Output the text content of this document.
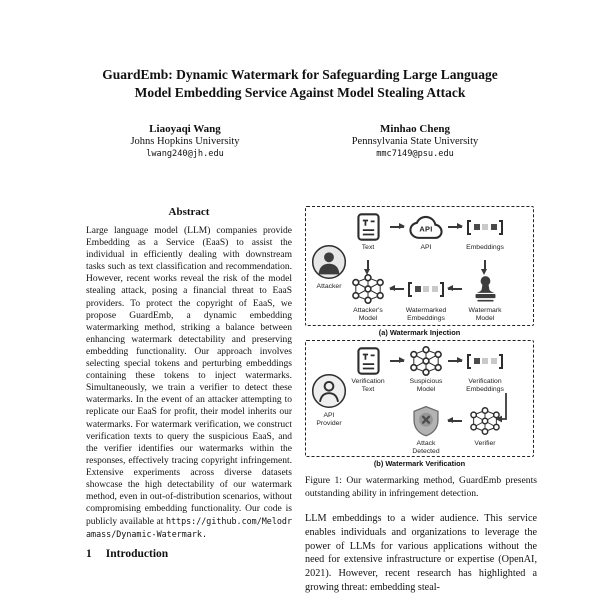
GuardEmb: Dynamic Watermark for Safeguarding Large Language
Model Embedding Service Against Model Stealing Attack
Liaoyaqi Wang
Johns Hopkins University
lwang240@jh.edu
Minhao Cheng
Pennsylvania State University
mmc7149@psu.edu
Abstract
Large language model (LLM) companies provide Embedding as a Service (EaaS) to assist the individual in efficiently dealing with downstream tasks such as text classification and recommendation. However, recent works reveal the risk of the model stealing attack, posing a financial threat to EaaS providers. To protect the copyright of EaaS, we propose GuardEmb, a dynamic embedding watermarking method, striking a balance between enhancing watermark detectability and preserving embedding functionality. Our approach involves selecting special tokens and perturbing embeddings containing these tokens to inject watermarks. Simultaneously, we train a verifier to detect these watermarks. In the event of an attacker attempting to replicate our EaaS for profit, their model inherits our watermarks. For watermark verification, we construct verification texts to query the suspicious EaaS, and the verifier identifies our watermarks within the responses, effectively tracing copyright infringement. Extensive experiments across diverse datasets showcase the high detectability of our watermark method, even in out-of-distribution scenarios, without compromising embedding functionality. Our code is publicly available at https://github.com/Melodramass/Dynamic-Watermark.
1 Introduction
Attacker
API
Text	API	Embeddings
Attacker's Model
Watermarked Embeddings
Watermark Model
(a) Watermark Injection
API Provider
Verification Text
Suspicious Model
Verification Embeddings
Attack Detected
Verifier
(b) Watermark Verification
Figure 1: Our watermarking method, GuardEmb presents outstanding ability in infringement detection.
LLM embeddings to a wider audience. This service enables individuals and organizations to leverage the power of LLMs for various applications without the need for extensive infrastructure or expertise (OpenAI, 2021). However, recent research has highlighted a growing threat: embedding steal-
